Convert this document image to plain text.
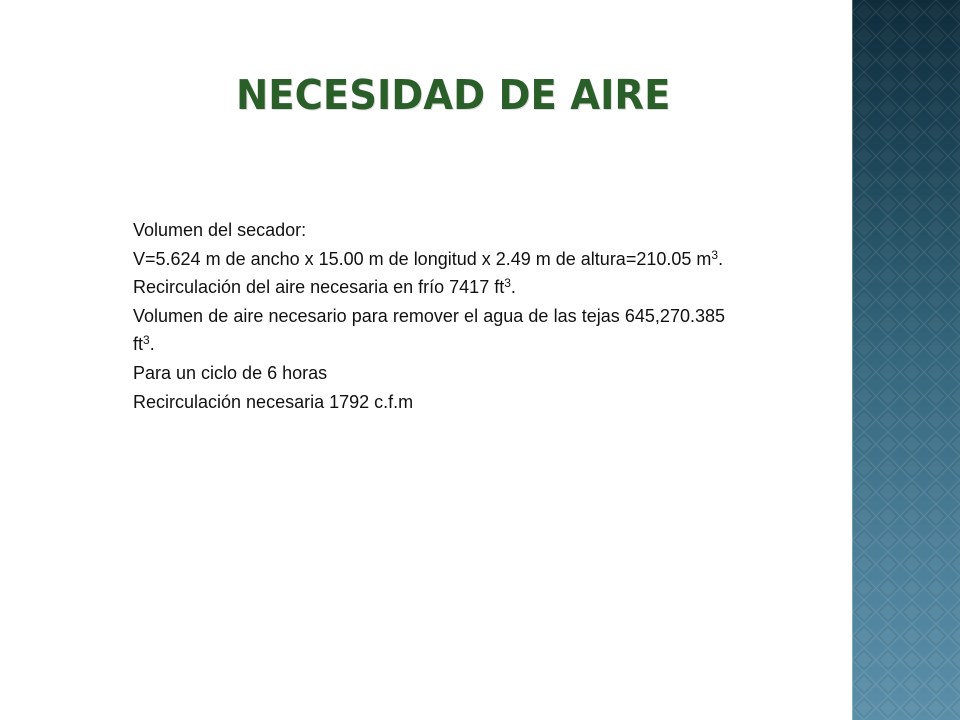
NECESIDAD DE AIRE

Volumen del secador:

V=5.624 m de ancho x 15.00 m de longitud x 2.49 m de altura=210.05 $m^3$.

Recirculación del aire necesaria en frío 7417 $ft^3$.

Volumen de aire necesario para remover el agua de las tejas 645,270.385 $ft^3$.

Para un ciclo de 6 horas

Recirculación necesaria 1792 c.f.m
